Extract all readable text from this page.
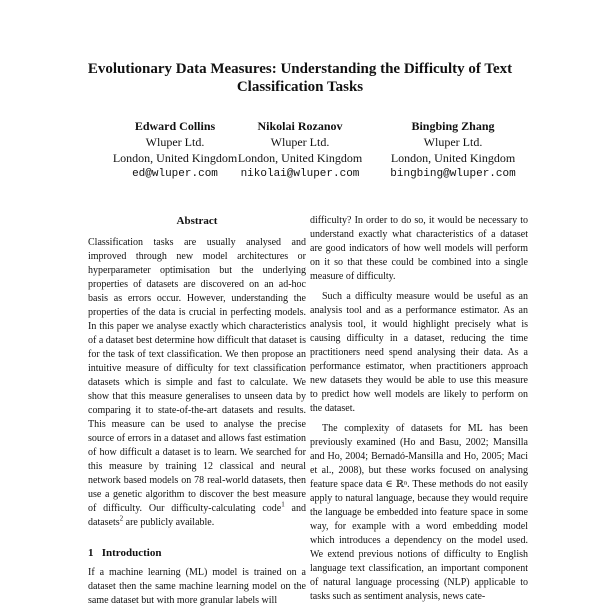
Evolutionary Data Measures: Understanding the Difficulty of Text Classification Tasks
Edward Collins
Wluper Ltd.
London, United Kingdom
ed@wluper.com
Nikolai Rozanov
Wluper Ltd.
London, United Kingdom
nikolai@wluper.com
Bingbing Zhang
Wluper Ltd.
London, United Kingdom
bingbing@wluper.com
Abstract
Classification tasks are usually analysed and improved through new model architectures or hyperparameter optimisation but the underlying properties of datasets are discovered on an ad-hoc basis as errors occur. However, understanding the properties of the data is crucial in perfecting models. In this paper we analyse exactly which characteristics of a dataset best determine how difficult that dataset is for the task of text classification. We then propose an intuitive measure of difficulty for text classification datasets which is simple and fast to calculate. We show that this measure generalises to unseen data by comparing it to state-of-the-art datasets and results. This measure can be used to analyse the precise source of errors in a dataset and allows fast estimation of how difficult a dataset is to learn. We searched for this measure by training 12 classical and neural network based models on 78 real-world datasets, then use a genetic algorithm to discover the best measure of difficulty. Our difficulty-calculating code$^1$ and datasets$^2$ are publicly available.
1 Introduction

If a machine learning (ML) model is trained on a dataset then the same machine learning model on the same dataset but with more granular labels will

difficulty? In order to do so, it would be necessary to understand exactly what characteristics of a dataset are good indicators of how well models will perform on it so that these could be combined into a single measure of difficulty.

Such a difficulty measure would be useful as an analysis tool and as a performance estimator. As an analysis tool, it would highlight precisely what is causing difficulty in a dataset, reducing the time practitioners need spend analysing their data. As a performance estimator, when practitioners approach new datasets they would be able to use this measure to predict how well models are likely to perform on the dataset.

The complexity of datasets for ML has been previously examined (Ho and Basu, 2002; Mansilla and Ho, 2004; Bernadó-Mansilla and Ho, 2005; Maci et al., 2008), but these works focused on analysing feature space data ∈ ℝⁿ. These methods do not easily apply to natural language, because they would require the language be embedded into feature space in some way, for example with a word embedding model which introduces a dependency on the model used. We extend previous notions of difficulty to English language text classification, an important component of natural language processing (NLP) applicable to tasks such as sentiment analysis, news cate-
